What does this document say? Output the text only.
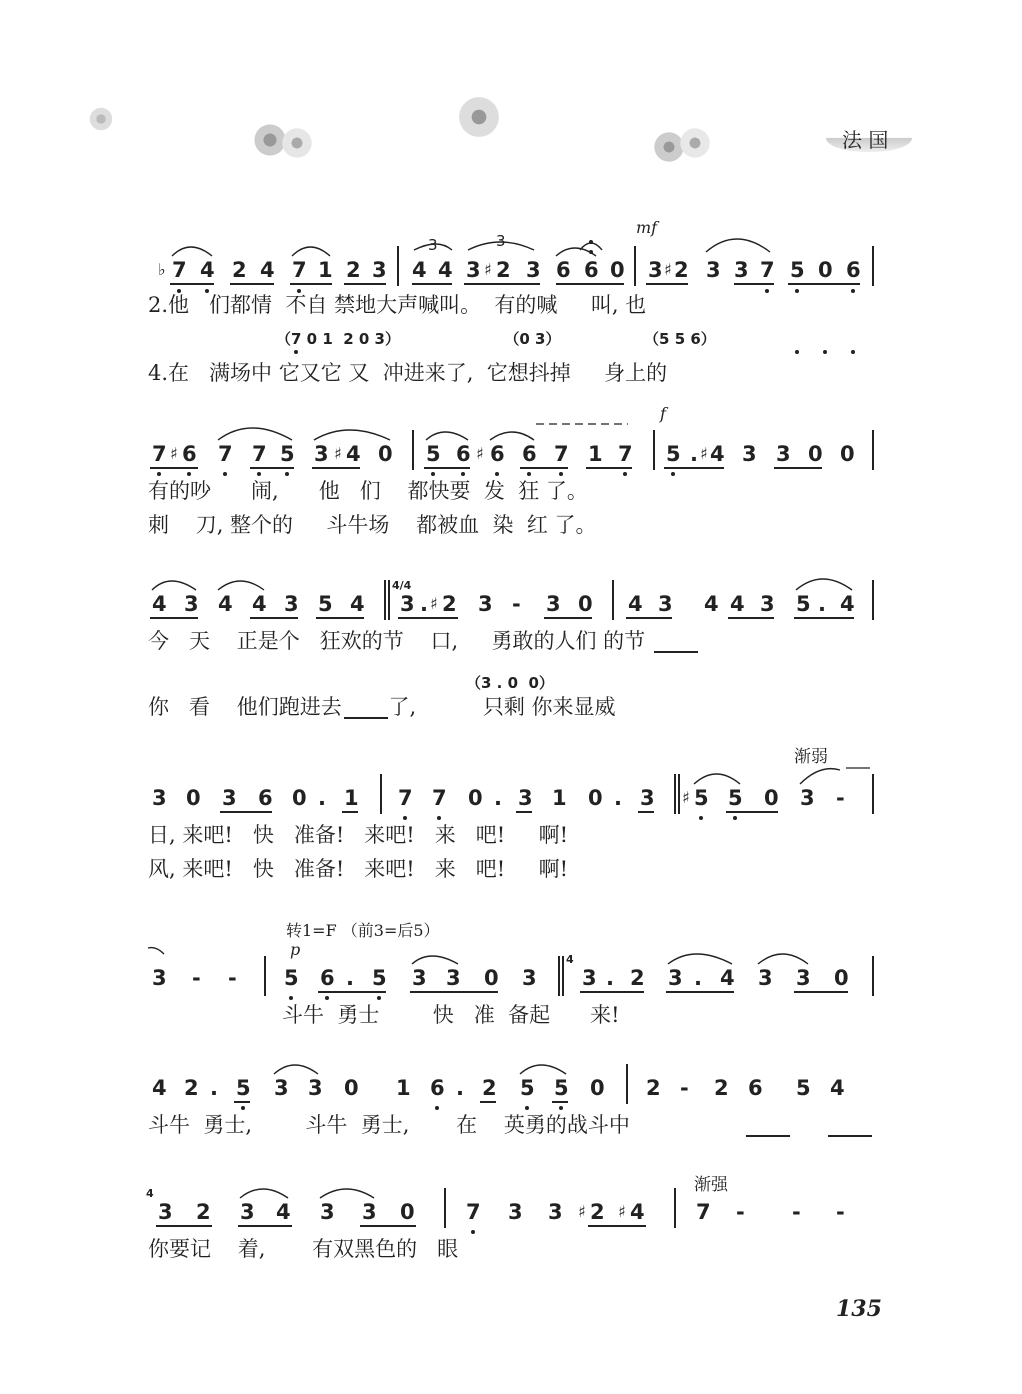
法 国
mf
3	3
♭ 7 4 2 4 7 1 2 3 4 4 3 ♯ 2 3 6 6 0 3 ♯ 2 3 3 7 5 0 6
2.他   们都情  不自 禁地大声喊叫。  有的喊     叫, 也
（7 0 1  2 0 3）                    （0 3）                （5 5 6）
4.在   满场中 它又它 又  冲进来了,  它想抖掉     身上的
f
7 ♯ 6 7 7 5 3 ♯ 4 0 5 6 ♯ 6 6 7 1 7 5 . ♯ 4 3 3 0 0
有的吵      闹,      他   们    都快要  发  狂 了。
刺    刀, 整个的     斗牛场    都被血  染  红 了。
4 3 4 4 3 5 4
4/4
3 . ♯ 2 3 - 3 0 4 3 4 4 3 5 . 4
今   天    正是个   狂欢的节    口,     勇敢的人们 的节
（3 . 0  0）
你   看    他们跑进去       了,          只剩 你来显威
渐弱
3 0 3 6 0 . 1 7 7 0 . 3 1 0 . 3 ♯ 5 5 0 3 -
日, 来吧!   快   准备!   来吧!   来   吧!     啊!
风, 来吧!   快   准备!   来吧!   来   吧!     啊!
转1=F （前3=后5）
p
3 - - 5 6 . 5 3 3 0 3
4
3 . 2 3 . 4 3 3 0
斗牛  勇士        快   准  备起      来!
4 2 . 5 3 3 0 1 6 . 2 5 5 0 2 - 2 6 5 4
斗牛  勇士,        斗牛  勇士,       在    英勇的战斗中
渐强
4
3 2 3 4 3 3 0 7 3 3 ♯ 2 ♯ 4 7 - - -
你要记    着,       有双黑色的   眼
135
